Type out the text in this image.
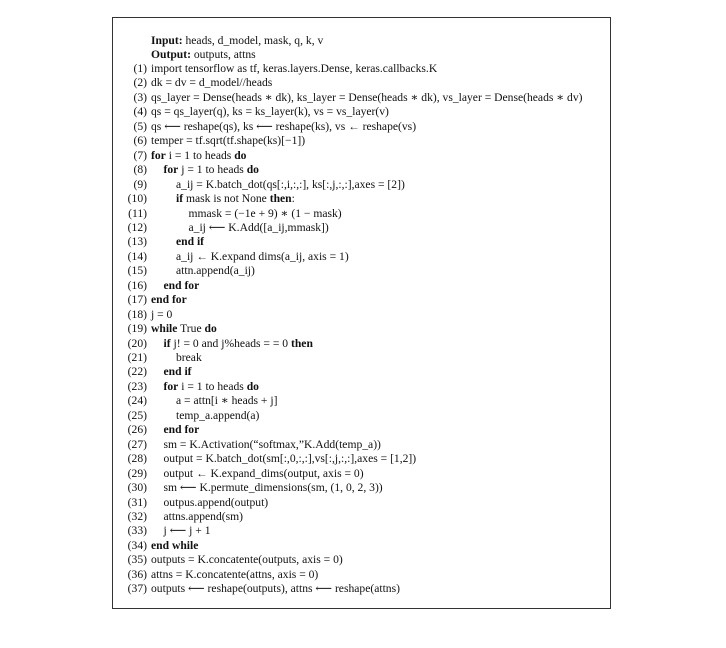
Input: heads, d_model, mask, q, k, v
Output: outputs, attns
(1) import tensorflow as tf, keras.layers.Dense, keras.callbacks.K
(2) dk = dv = d_model//heads
(3) qs_layer = Dense(heads ∗ dk), ks_layer = Dense(heads ∗ dk), vs_layer = Dense(heads ∗ dv)
(4) qs = qs_layer(q), ks = ks_layer(k), vs = vs_layer(v)
(5) qs ⟵ reshape(qs), ks ⟵ reshape(ks), vs ← reshape(vs)
(6) temper = tf.sqrt(tf.shape(ks)[−1])
(7) for i = 1 to heads do
(8) for j = 1 to heads do
(9)	a_ij = K.batch_dot(qs[:,i,:,:], ks[:,j,:,:],axes = [2])
(10)	if mask is not None then:
(11)	mmask = (−1e + 9) ∗ (1 − mask)
(12)	a_ij ⟵ K.Add([a_ij,mmask])
(13)	end if
(14)	a_ij ← K.expand dims(a_ij, axis = 1)
(15)	attn.append(a_ij)
(16) end for
(17) end for
(18) j = 0
(19) while True do
(20) if j! = 0 and j%heads = = 0 then
(21)	break
(22) end if
(23) for i = 1 to heads do
(24)	a = attn[i ∗ heads + j]
(25)	temp_a.append(a)
(26) end for
(27) sm = K.Activation(“softmax,”K.Add(temp_a))
(28) output = K.batch_dot(sm[:,0,:,:],vs[:,j,:,:],axes = [1,2])
(29) output ← K.expand_dims(output, axis = 0)
(30) sm ⟵ K.permute_dimensions(sm, (1, 0, 2, 3))
(31) outpus.append(output)
(32) attns.append(sm)
(33) j ⟵ j + 1
(34) end while
(35) outputs = K.concatente(outputs, axis = 0)
(36) attns = K.concatente(attns, axis = 0)
(37) outputs ⟵ reshape(outputs), attns ⟵ reshape(attns)
